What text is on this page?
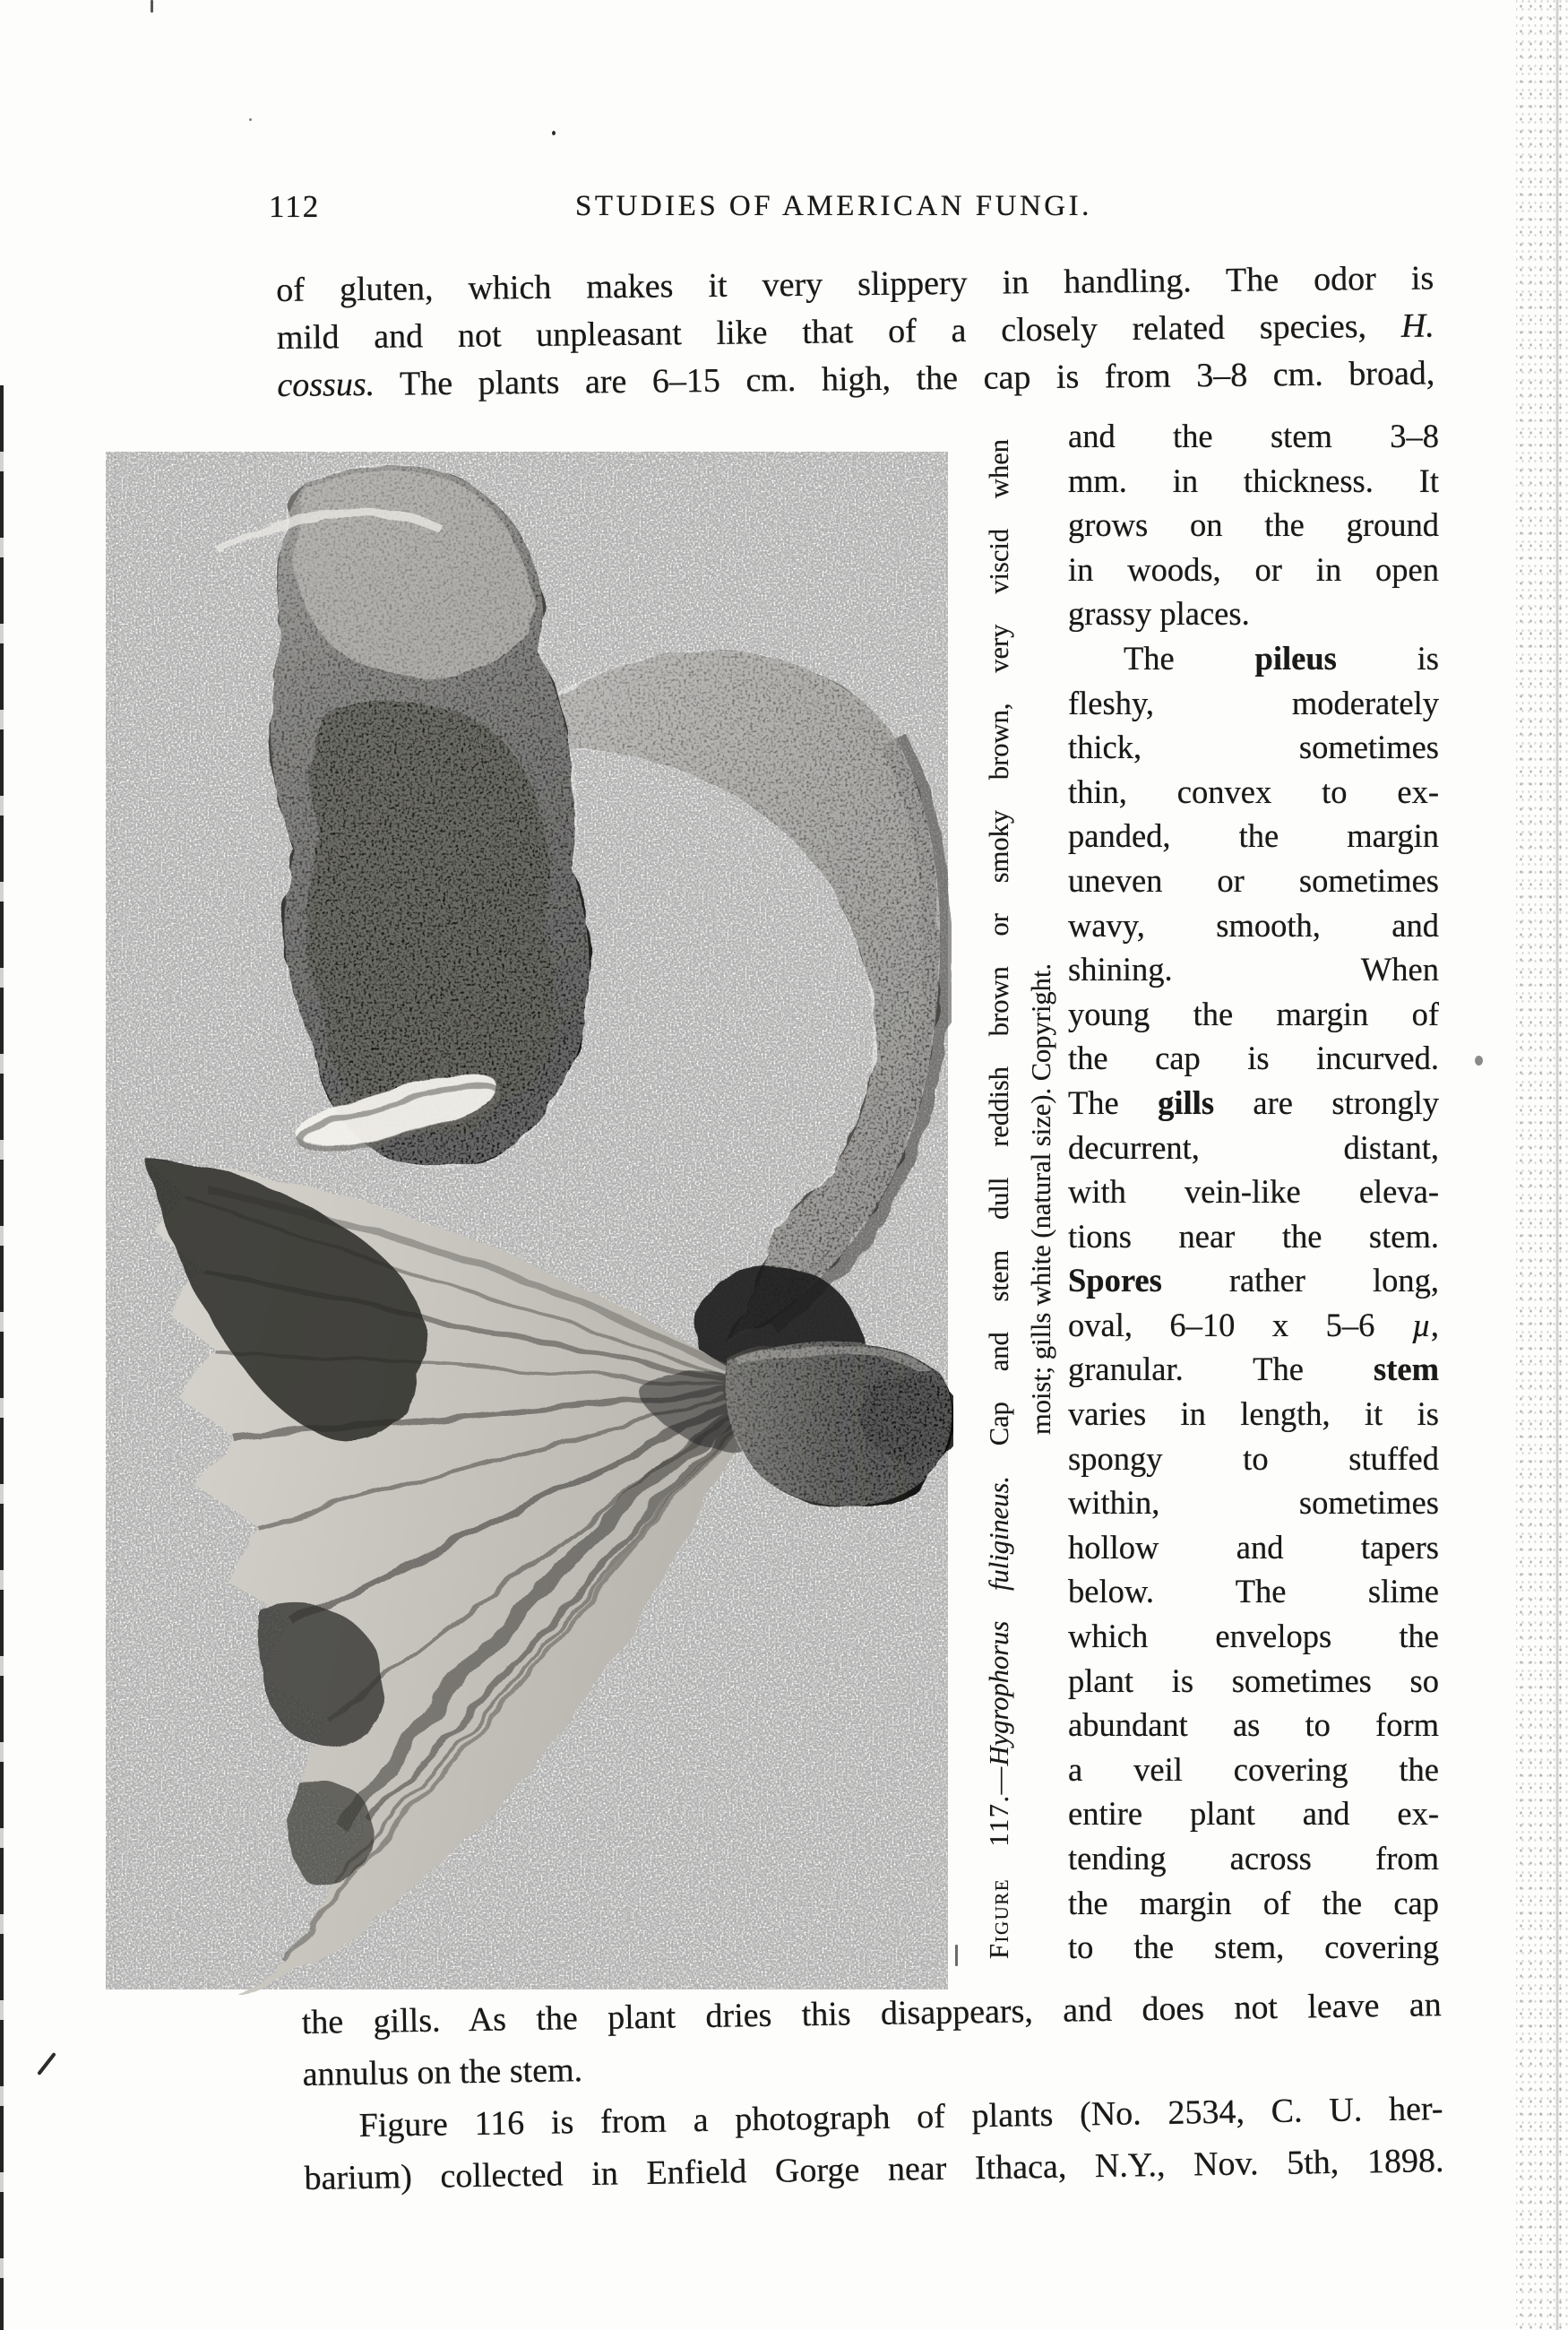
112	STUDIES OF AMERICAN FUNGI.
of gluten, which makes it very slippery in handling. The odor is
mild and not unpleasant like that of a closely related species, H.
cossus. The plants are 6–15 cm. high, the cap is from 3–8 cm. broad,
Figure 117.—Hygrophorus fuligineus. Cap and stem dull reddish brown or smoky brown, very viscid when moist; gills white (natural size). Copyright.
and the stem 3–8
mm. in thickness. It
grows on the ground
in woods, or in open
grassy places.
The pileus is
fleshy, moderately
thick, sometimes
thin, convex to ex-
panded, the margin
uneven or sometimes
wavy, smooth, and
shining. When
young the margin of
the cap is incurved.
The gills are strongly
decurrent, distant,
with vein-like eleva-
tions near the stem.
Spores rather long,
oval, 6–10 x 5–6 µ,
granular. The stem
varies in length, it is
spongy to stuffed
within, sometimes
hollow and tapers
below. The slime
which envelops the
plant is sometimes so
abundant as to form
a veil covering the
entire plant and ex-
tending across from
the margin of the cap
to the stem, covering
the gills. As the plant dries this disappears, and does not leave an
annulus on the stem.
Figure 116 is from a photograph of plants (No. 2534, C. U. her-
barium) collected in Enfield Gorge near Ithaca, N.Y., Nov. 5th, 1898.
